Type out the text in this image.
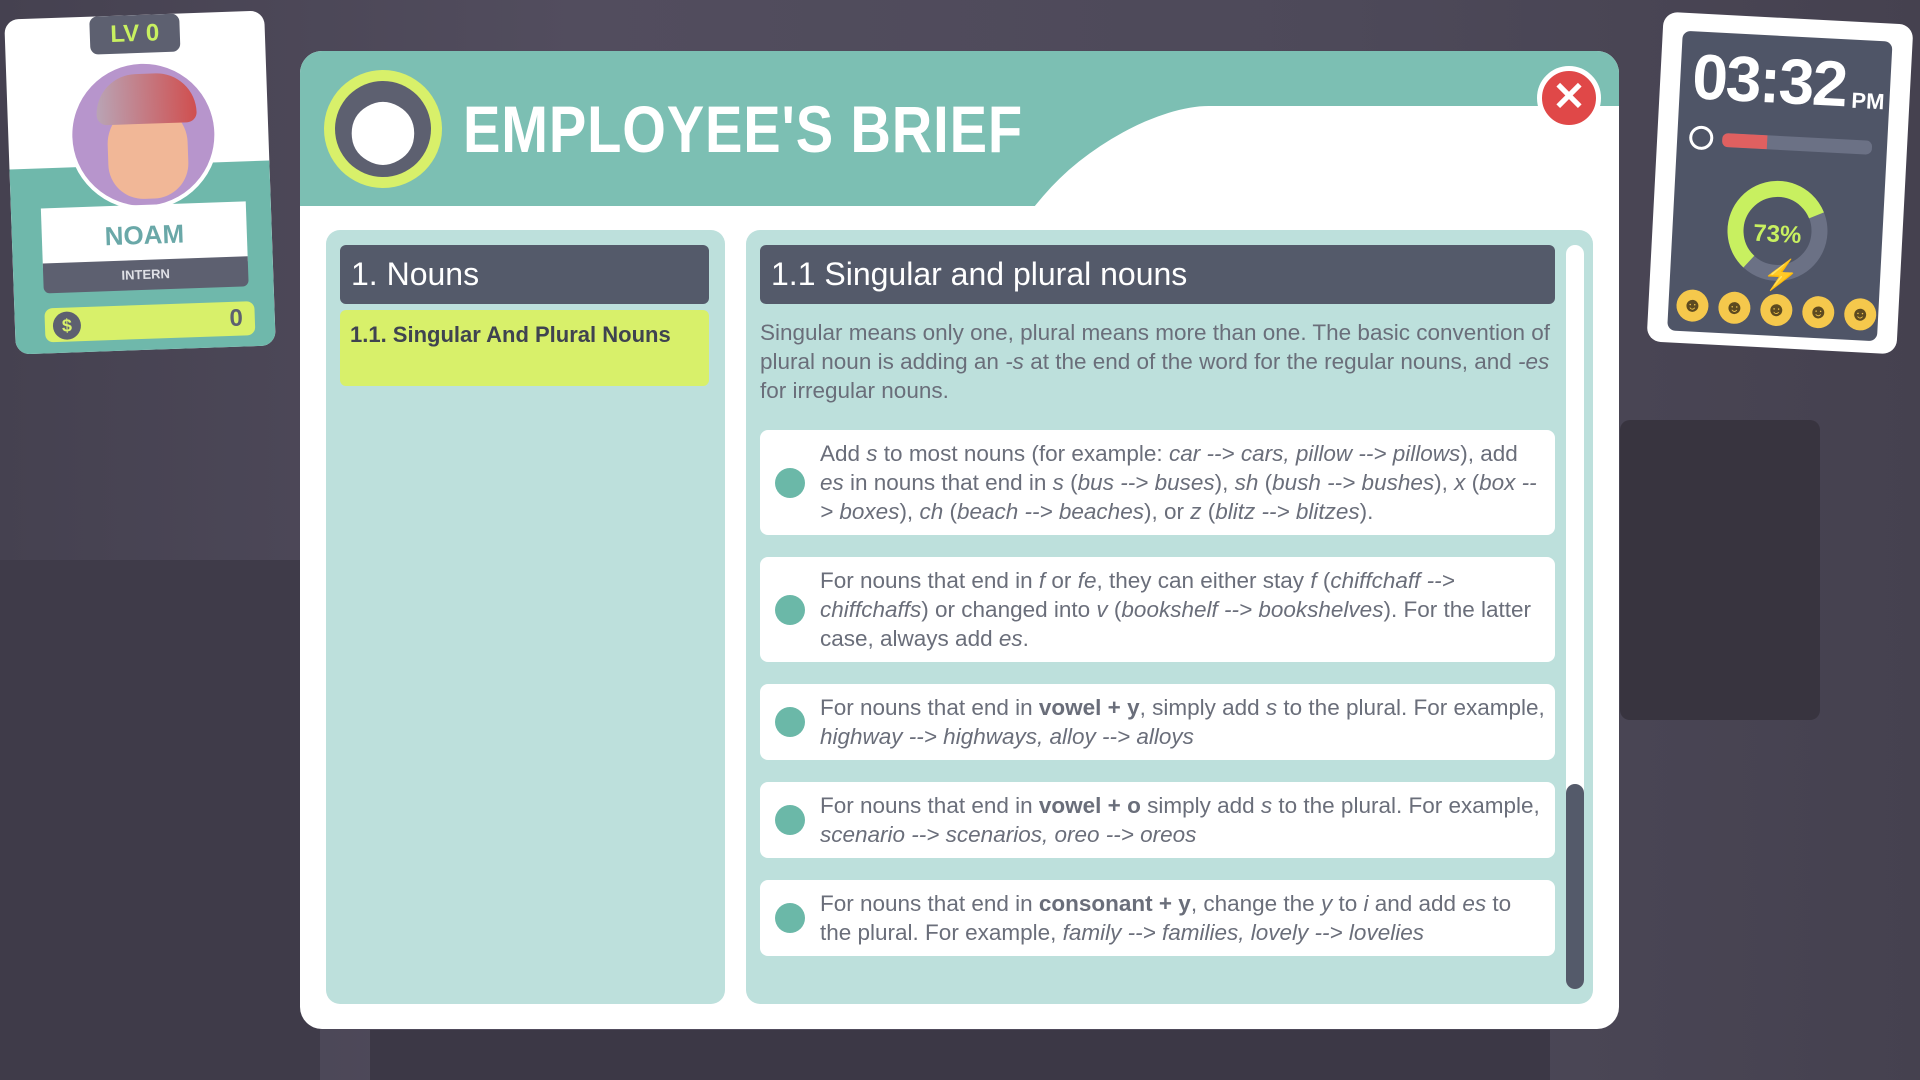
LV 0
NOAM
INTERN
$	0
03:32 PM
73%
⚡
☻ ☻ ☻ ☻ ☻
⬤ EMPLOYEE'S BRIEF	✕
1. Nouns
1.1. Singular And Plural Nouns
1.1 Singular and plural nouns
Singular means only one, plural means more than one. The basic convention of plural noun is adding an -s at the end of the word for the regular nouns, and -es for irregular nouns.
Add s to most nouns (for example: car --> cars, pillow --> pillows), add es in nouns that end in s (bus --> buses), sh (bush --> bushes), x (box --> boxes), ch (beach --> beaches), or z (blitz --> blitzes).
For nouns that end in f or fe, they can either stay f (chiffchaff --> chiffchaffs) or changed into v (bookshelf --> bookshelves). For the latter case, always add es.
For nouns that end in vowel + y, simply add s to the plural. For example, highway --> highways, alloy --> alloys
For nouns that end in vowel + o simply add s to the plural. For example, scenario --> scenarios, oreo --> oreos
For nouns that end in consonant + y, change the y to i and add es to the plural. For example, family --> families, lovely --> lovelies
